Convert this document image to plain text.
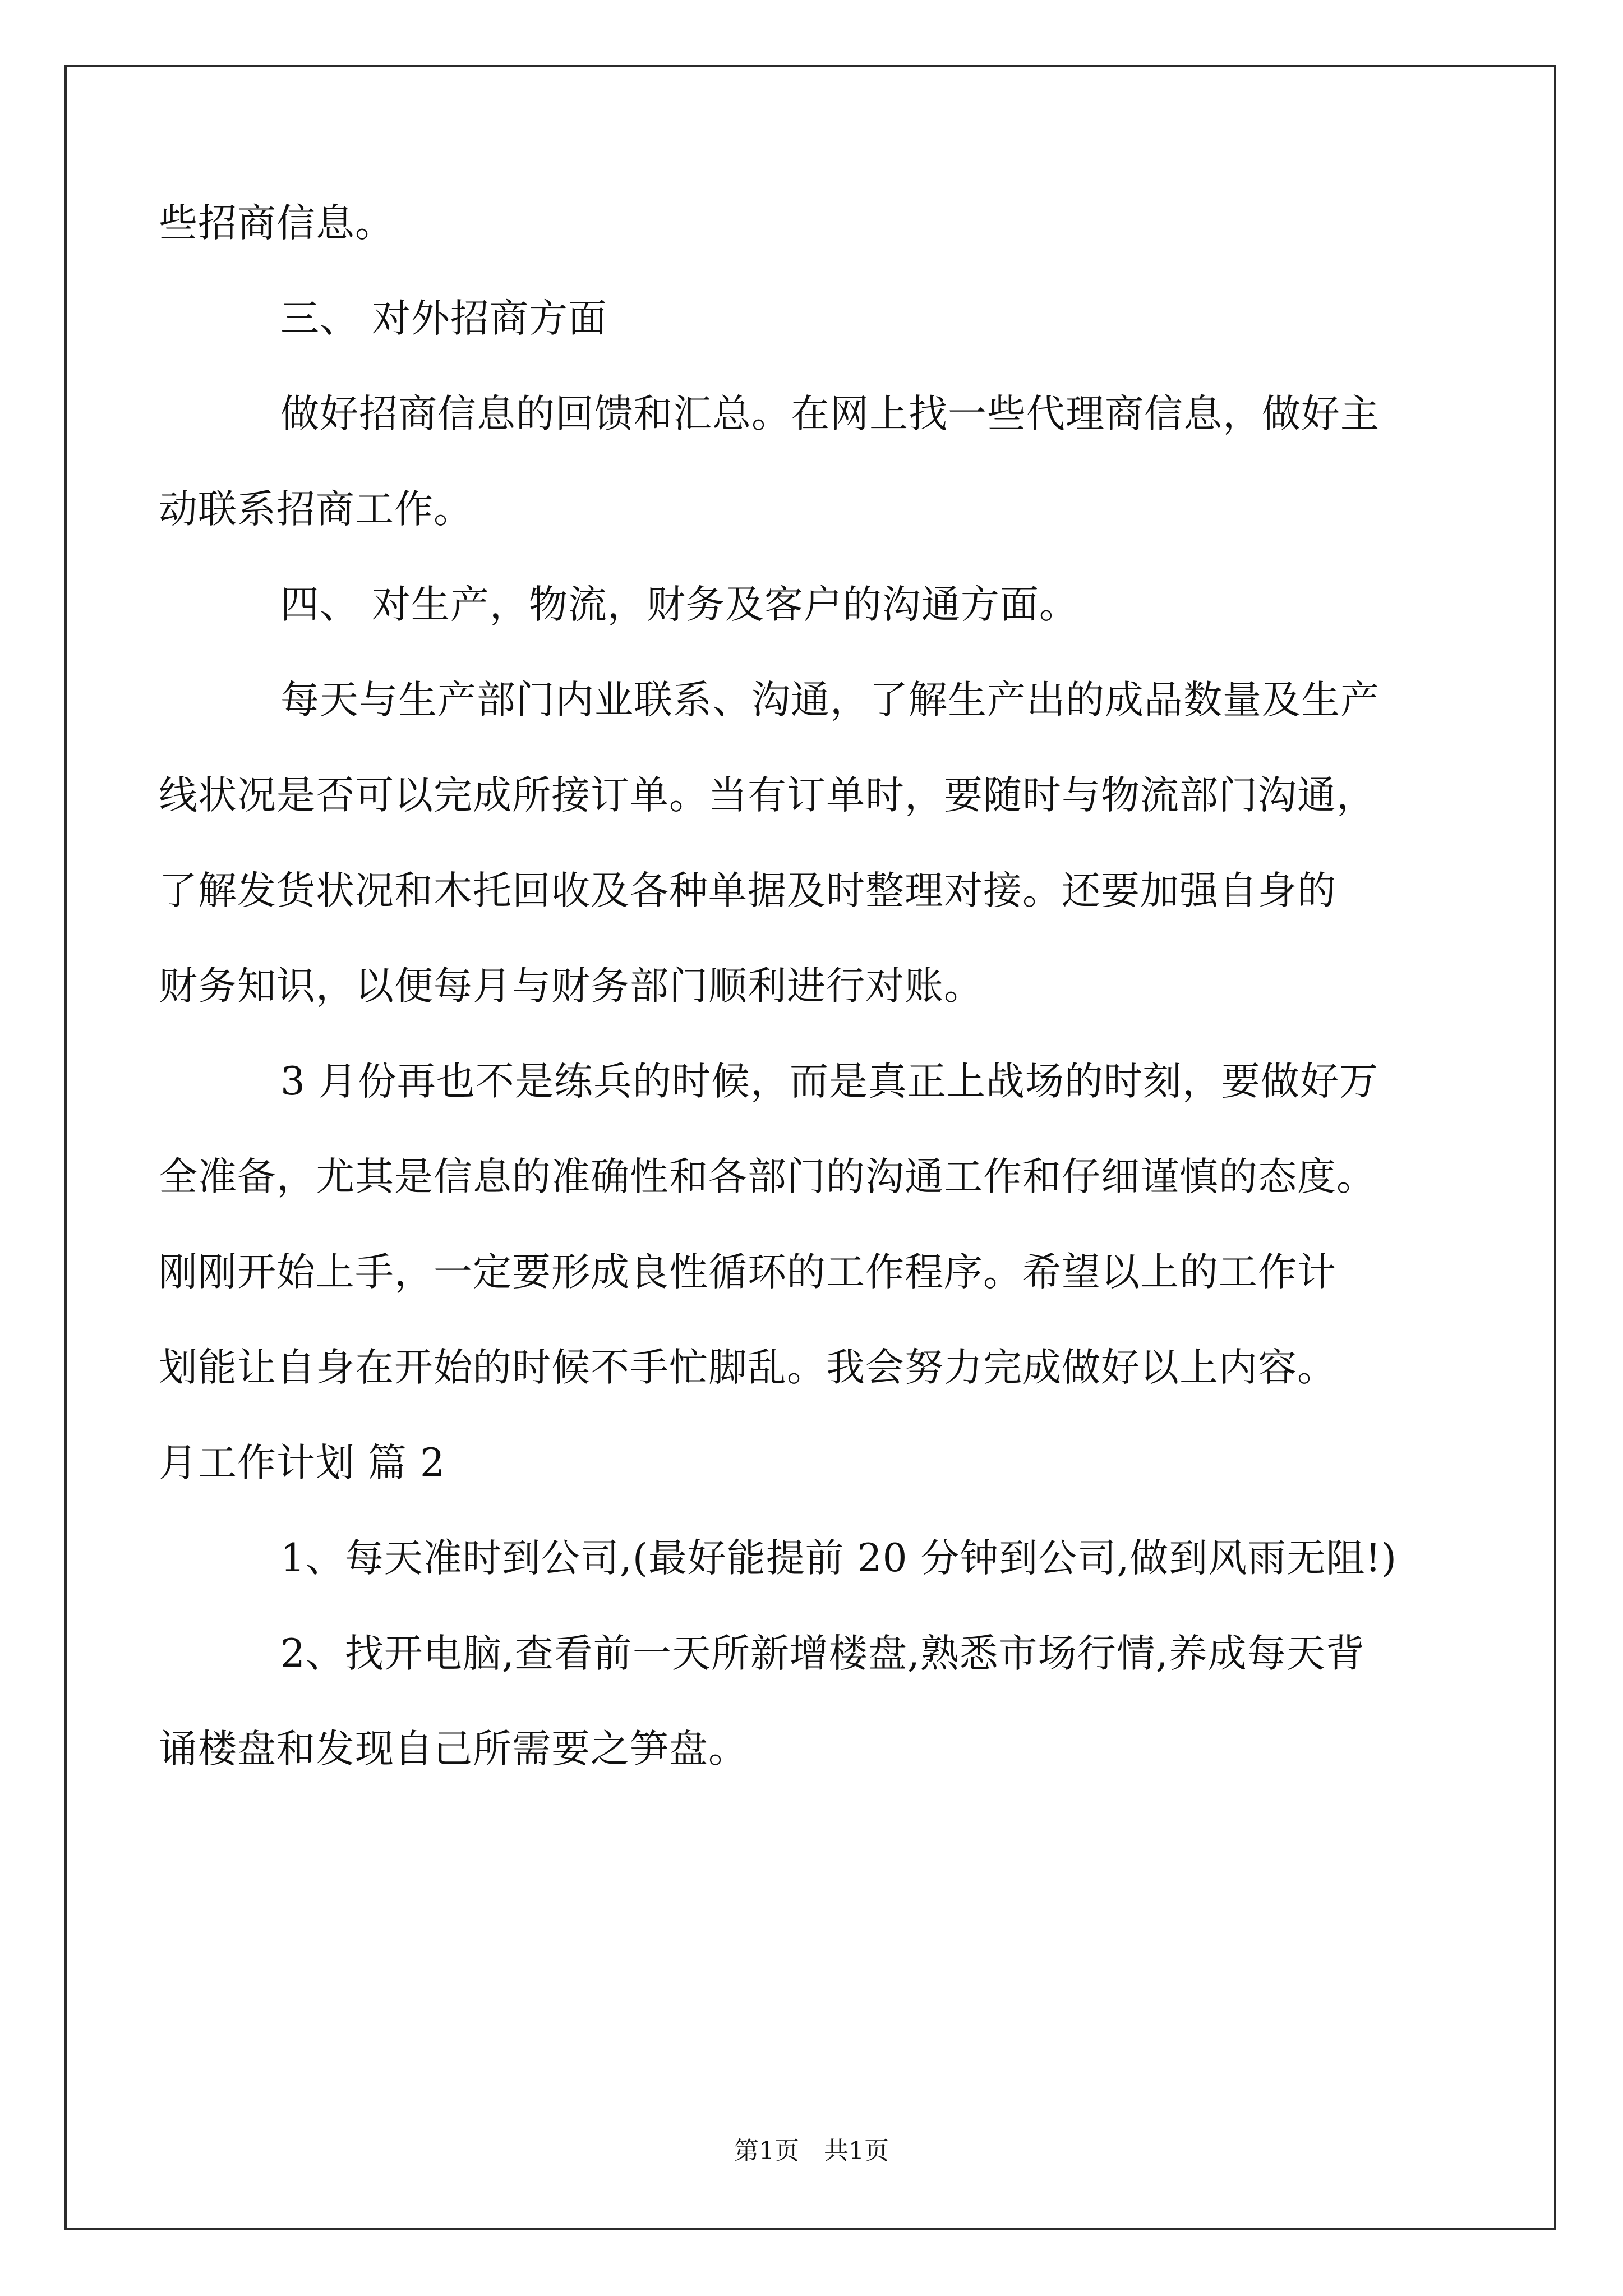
些招商信息。

三、 对外招商方面

做好招商信息的回馈和汇总。在网上找一些代理商信息，做好主

动联系招商工作。

四、 对生产，物流，财务及客户的沟通方面。

每天与生产部门内业联系、沟通，了解生产出的成品数量及生产

线状况是否可以完成所接订单。当有订单时，要随时与物流部门沟通，

了解发货状况和木托回收及各种单据及时整理对接。还要加强自身的

财务知识，以便每月与财务部门顺利进行对账。

3 月份再也不是练兵的时候，而是真正上战场的时刻，要做好万

全准备，尤其是信息的准确性和各部门的沟通工作和仔细谨慎的态度。

刚刚开始上手，一定要形成良性循环的工作程序。希望以上的工作计

划能让自身在开始的时候不手忙脚乱。我会努力完成做好以上内容。

月工作计划 篇 2

1、每天准时到公司,(最好能提前 20 分钟到公司,做到风雨无阻!)

2、找开电脑,查看前一天所新增楼盘,熟悉市场行情,养成每天背

诵楼盘和发现自己所需要之笋盘。

第1页　共1页
